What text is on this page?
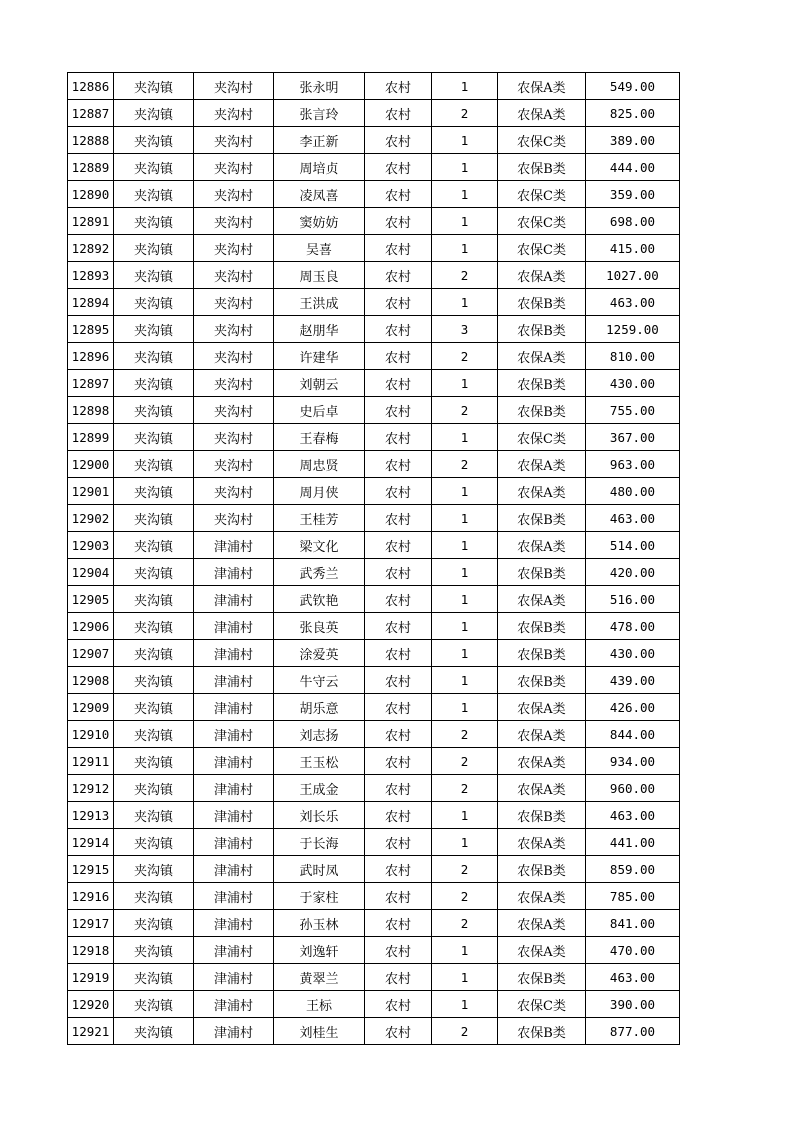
12886	夹沟镇	夹沟村	张永明	农村	1	农保A类	549.00
12887	夹沟镇	夹沟村	张言玲	农村	2	农保A类	825.00
12888	夹沟镇	夹沟村	李正新	农村	1	农保C类	389.00
12889	夹沟镇	夹沟村	周培贞	农村	1	农保B类	444.00
12890	夹沟镇	夹沟村	凌凤喜	农村	1	农保C类	359.00
12891	夹沟镇	夹沟村	窦妨妨	农村	1	农保C类	698.00
12892	夹沟镇	夹沟村	吴喜	农村	1	农保C类	415.00
12893	夹沟镇	夹沟村	周玉良	农村	2	农保A类	1027.00
12894	夹沟镇	夹沟村	王洪成	农村	1	农保B类	463.00
12895	夹沟镇	夹沟村	赵朋华	农村	3	农保B类	1259.00
12896	夹沟镇	夹沟村	许建华	农村	2	农保A类	810.00
12897	夹沟镇	夹沟村	刘朝云	农村	1	农保B类	430.00
12898	夹沟镇	夹沟村	史后卓	农村	2	农保B类	755.00
12899	夹沟镇	夹沟村	王春梅	农村	1	农保C类	367.00
12900	夹沟镇	夹沟村	周忠贤	农村	2	农保A类	963.00
12901	夹沟镇	夹沟村	周月侠	农村	1	农保A类	480.00
12902	夹沟镇	夹沟村	王桂芳	农村	1	农保B类	463.00
12903	夹沟镇	津浦村	梁文化	农村	1	农保A类	514.00
12904	夹沟镇	津浦村	武秀兰	农村	1	农保B类	420.00
12905	夹沟镇	津浦村	武钦艳	农村	1	农保A类	516.00
12906	夹沟镇	津浦村	张良英	农村	1	农保B类	478.00
12907	夹沟镇	津浦村	涂爱英	农村	1	农保B类	430.00
12908	夹沟镇	津浦村	牛守云	农村	1	农保B类	439.00
12909	夹沟镇	津浦村	胡乐意	农村	1	农保A类	426.00
12910	夹沟镇	津浦村	刘志扬	农村	2	农保A类	844.00
12911	夹沟镇	津浦村	王玉松	农村	2	农保A类	934.00
12912	夹沟镇	津浦村	王成金	农村	2	农保A类	960.00
12913	夹沟镇	津浦村	刘长乐	农村	1	农保B类	463.00
12914	夹沟镇	津浦村	于长海	农村	1	农保A类	441.00
12915	夹沟镇	津浦村	武时凤	农村	2	农保B类	859.00
12916	夹沟镇	津浦村	于家柱	农村	2	农保A类	785.00
12917	夹沟镇	津浦村	孙玉林	农村	2	农保A类	841.00
12918	夹沟镇	津浦村	刘逸轩	农村	1	农保A类	470.00
12919	夹沟镇	津浦村	黄翠兰	农村	1	农保B类	463.00
12920	夹沟镇	津浦村	王标	农村	1	农保C类	390.00
12921	夹沟镇	津浦村	刘桂生	农村	2	农保B类	877.00
